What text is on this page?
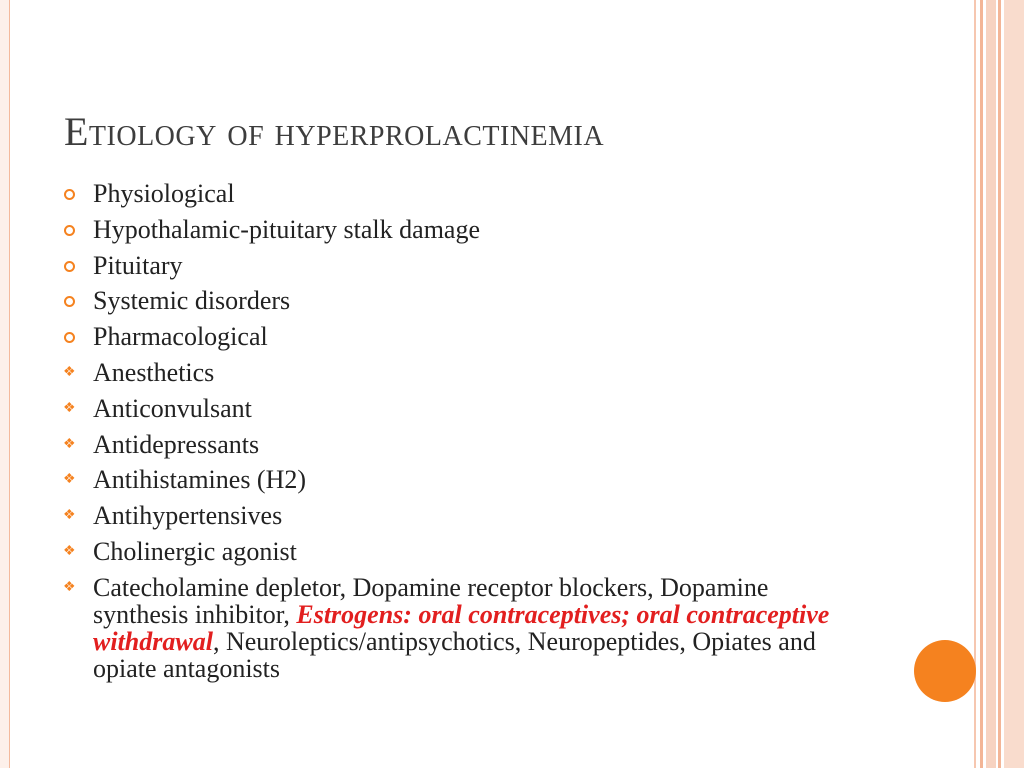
Etiology of hyperprolactinemia
Physiological
Hypothalamic-pituitary stalk damage
Pituitary
Systemic disorders
Pharmacological
❖ Anesthetics
❖ Anticonvulsant
❖ Antidepressants
❖ Antihistamines (H2)
❖ Antihypertensives
❖ Cholinergic agonist
❖ Catecholamine depletor, Dopamine receptor blockers, Dopamine synthesis inhibitor, Estrogens: oral contraceptives; oral contraceptive withdrawal, Neuroleptics/antipsychotics, Neuropeptides, Opiates and opiate antagonists
